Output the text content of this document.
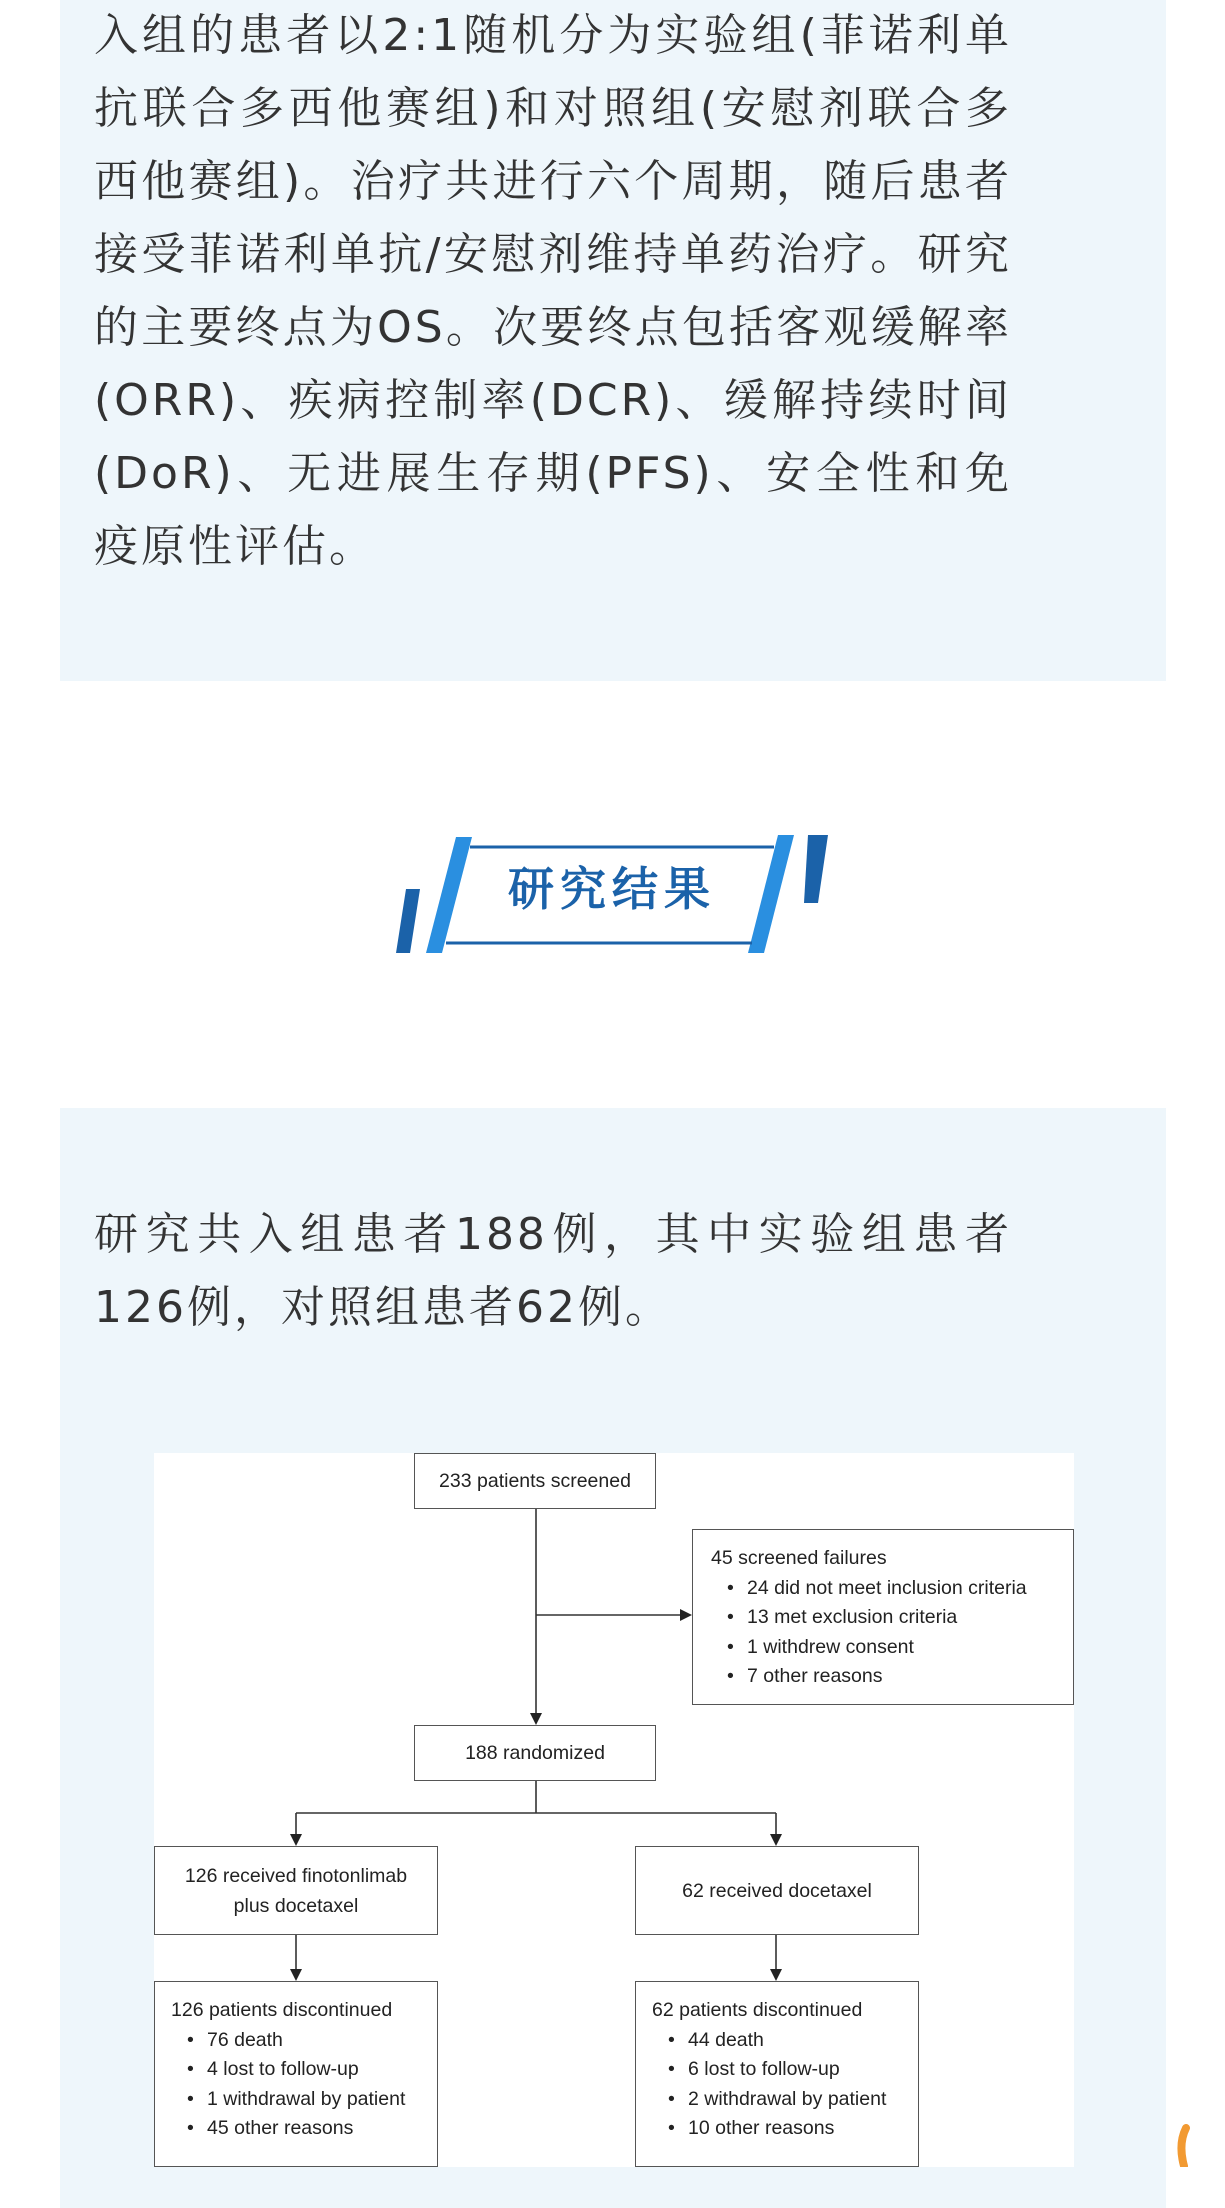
入组的患者以2:1随机分为实验组(菲诺利单抗联合多西他赛组)和对照组(安慰剂联合多西他赛组)。治疗共进行六个周期，随后患者接受菲诺利单抗/安慰剂维持单药治疗。研究的主要终点为OS。次要终点包括客观缓解率(ORR)、疾病控制率(DCR)、缓解持续时间(DoR)、无进展生存期(PFS)、安全性和免疫原性评估。

研究结果

研究共入组患者188例，其中实验组患者126例，对照组患者62例。

233 patients screened
45 screened failures
• 24 did not meet inclusion criteria
• 13 met exclusion criteria
• 1 withdrew consent
• 7 other reasons
188 randomized
126 received finotonlimab plus docetaxel
62 received docetaxel
126 patients discontinued
• 76 death
• 4 lost to follow-up
• 1 withdrawal by patient
• 45 other reasons
62 patients discontinued
• 44 death
• 6 lost to follow-up
• 2 withdrawal by patient
• 10 other reasons
